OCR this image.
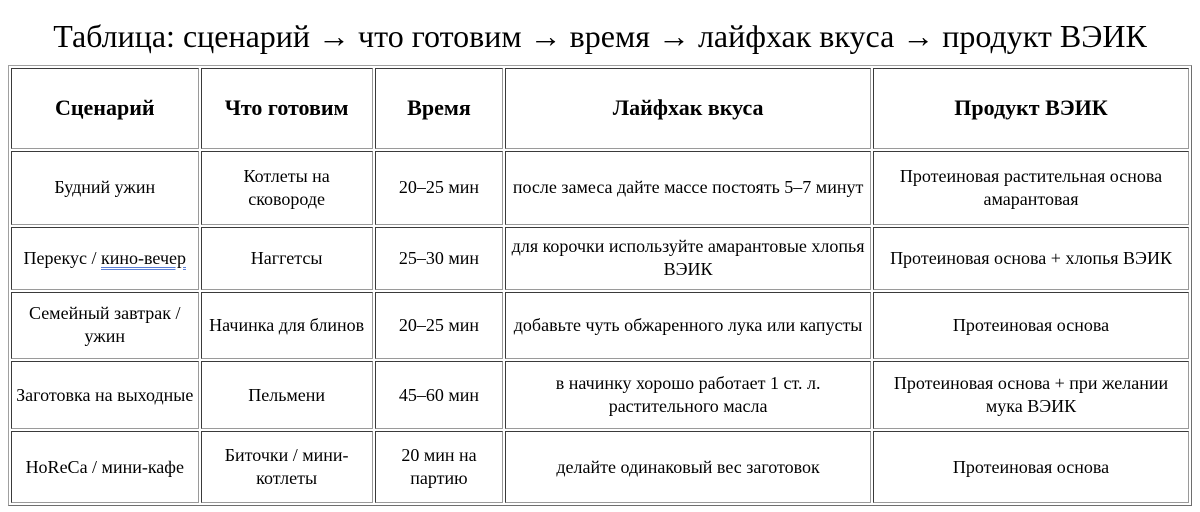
Таблица: сценарий → что готовим → время → лайфхак вкуса → продукт ВЭИК
Сценарий	Что готовим	Время	Лайфхак вкуса	Продукт ВЭИК
Будний ужин	Котлеты на сковороде	20–25 мин	после замеса дайте массе постоять 5–7 минут	Протеиновая растительная основа амарантовая
Перекус / кино-вечер	Наггетсы	25–30 мин	для корочки используйте амарантовые хлопья ВЭИК	Протеиновая основа + хлопья ВЭИК
Семейный завтрак / ужин	Начинка для блинов	20–25 мин	добавьте чуть обжаренного лука или капусты	Протеиновая основа
Заготовка на выходные	Пельмени	45–60 мин	в начинку хорошо работает 1 ст. л. растительного масла	Протеиновая основа + при желании мука ВЭИК
HoReCa / мини-кафе	Биточки / мини-котлеты	20 мин на партию	делайте одинаковый вес заготовок	Протеиновая основа
